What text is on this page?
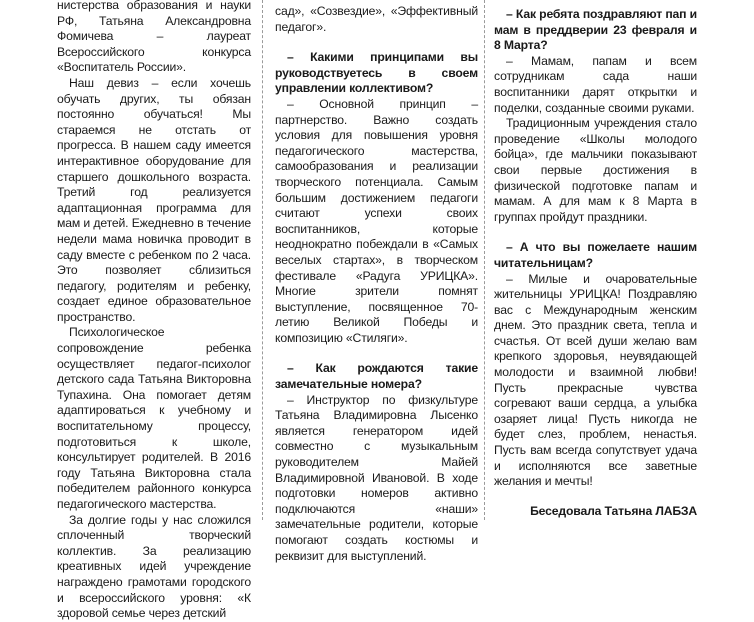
нистерства образования и науки РФ, Татьяна Александровна Фомичева – лауреат Всероссийского конкурса «Воспитатель России».

Наш девиз – если хочешь обучать других, ты обязан постоянно обучаться! Мы стараемся не отстать от прогресса. В нашем саду имеется интерактивное оборудование для старшего дошкольного возраста. Третий год реализуется адаптационная программа для мам и детей. Ежедневно в течение недели мама новичка проводит в саду вместе с ребенком по 2 часа. Это позволяет сблизиться педагогу, родителям и ребенку, создает единое образовательное пространство.

Психологическое сопровождение ребенка осуществляет педагог-психолог детского сада Татьяна Викторовна Тупахина. Она помогает детям адаптироваться к учебному и воспитательному процессу, подготовиться к школе, консультирует родителей. В 2016 году Татьяна Викторовна стала победителем районного конкурса педагогического мастерства.

За долгие годы у нас сложился сплоченный творческий коллектив. За реализацию креативных идей учреждение награждено грамотами городского и всероссийского уровня: «К здоровой семье через детский

сад», «Созвездие», «Эффективный педагог».

– Какими принципами вы руководствуетесь в своем управлении коллективом?

– Основной принцип – партнерство. Важно создать условия для повышения уровня педагогического мастерства, самообразования и реализации творческого потенциала. Самым большим достижением педагоги считают успехи своих воспитанников, которые неоднократно побеждали в «Самых веселых стартах», в творческом фестивале «Радуга УРИЦКА». Многие зрители помнят выступление, посвященное 70-летию Великой Победы и композицию «Стиляги».

– Как рождаются такие замечательные номера?

– Инструктор по физкультуре Татьяна Владимировна Лысенко является генератором идей совместно с музыкальным руководителем Майей Владимировной Ивановой. В ходе подготовки номеров активно подключаются «наши» замечательные родители, которые помогают создать костюмы и реквизит для выступлений.

– Как ребята поздравляют пап и мам в преддверии 23 февраля и 8 Марта?

– Мамам, папам и всем сотрудникам сада наши воспитанники дарят открытки и поделки, созданные своими руками.

Традиционным учреждения стало проведение «Школы молодого бойца», где мальчики показывают свои первые достижения в физической подготовке папам и мамам. А для мам к 8 Марта в группах пройдут праздники.

– А что вы пожелаете нашим читательницам?

– Милые и очаровательные жительницы УРИЦКА! Поздравляю вас с Международным женским днем. Это праздник света, тепла и счастья. От всей души желаю вам крепкого здоровья, неувядающей молодости и взаимной любви! Пусть прекрасные чувства согревают ваши сердца, а улыбка озаряет лица! Пусть никогда не будет слез, проблем, ненастья. Пусть вам всегда сопутствует удача и исполняются все заветные желания и мечты!

Беседовала Татьяна ЛАБЗА
